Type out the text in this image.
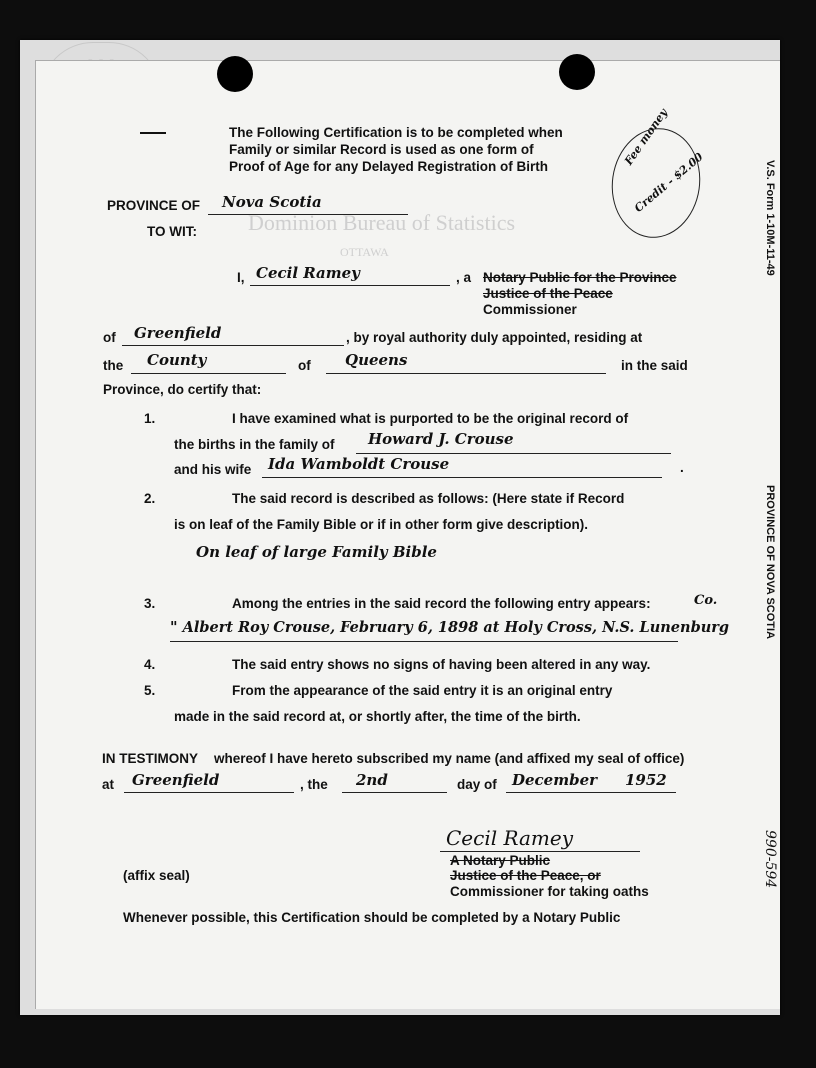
Dominion Bureau of Statistics
OTTAWA
The Following Certification is to be completed when
Family or similar Record is used as one form of
Proof of Age for any Delayed Registration of Birth	Fee money
Credit - $2.00	V.S. Form 1-10M-11-49
PROVINCE OF NOVA SCOTIA
990-594
PROVINCE OF Nova Scotia
TO WIT:
I, Cecil Ramey	, a Notary Public for the Province
Justice of the Peace
Commissioner
of Greenfield	, by royal authority duly appointed, residing at
the County	of Queens	in the said
Province, do certify that:
1.	I have examined what is purported to be the original record of
the births in the family of Howard J. Crouse
and his wife Ida Wamboldt Crouse	.
2.	The said record is described as follows: (Here state if Record
is on leaf of the Family Bible or if in other form give description).
On leaf of large Family Bible
3.	Among the entries in the said record the following entry appears:	Co.
" Albert Roy Crouse, February 6, 1898 at Holy Cross, N.S. Lunenburg
4.	The said entry shows no signs of having been altered in any way.
5.	From the appearance of the said entry it is an original entry
made in the said record at, or shortly after, the time of the birth.
IN TESTIMONY whereof I have hereto subscribed my name (and affixed my seal of office)
at Greenfield	, the 2nd	day of December 1952
Cecil Ramey
A Notary Public
Justice of the Peace, or
Commissioner for taking oaths
(affix seal)
Whenever possible, this Certification should be completed by a Notary Public
